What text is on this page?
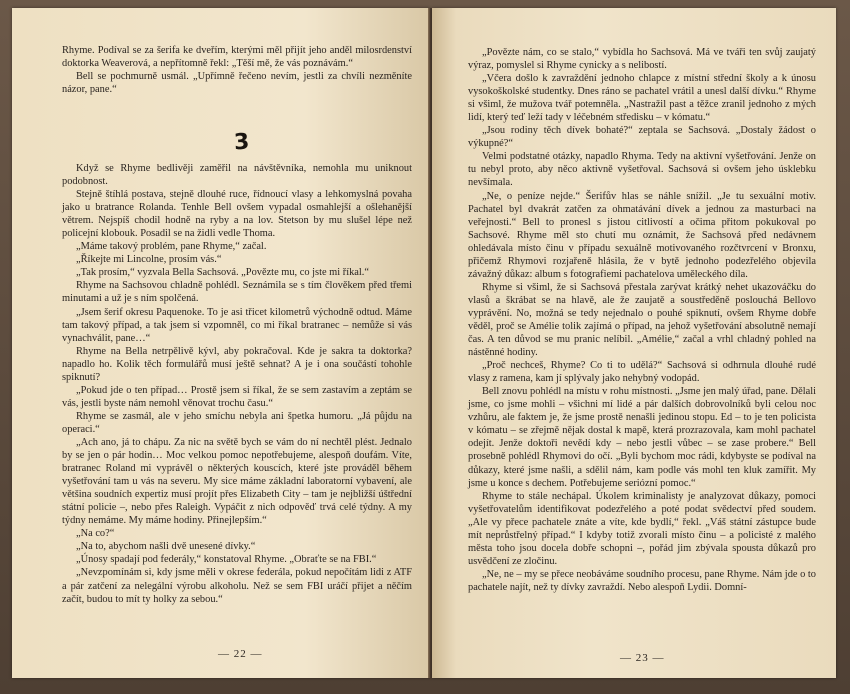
Rhyme. Podíval se za šerifa ke dveřím, kterými měl přijít jeho anděl milosrdenství doktorka Weaverová, a nepřítomně řekl: „Těší mě, že vás poznávám.“

Bell se pochmurně usmál. „Upřímně řečeno nevím, jestli za chvíli nezměníte názor, pane.“

3

Když se Rhyme bedlivěji zaměřil na návštěvníka, nemohla mu uniknout podobnost.

Stejně štíhlá postava, stejně dlouhé ruce, řídnoucí vlasy a lehkomyslná povaha jako u bratrance Rolanda. Tenhle Bell ovšem vypadal osmahlejší a ošlehanější větrem. Nejspíš chodil hodně na ryby a na lov. Stetson by mu slušel lépe než policejní klobouk. Posadil se na židli vedle Thoma.

„Máme takový problém, pane Rhyme,“ začal.

„Říkejte mi Lincolne, prosím vás.“

„Tak prosím,“ vyzvala Bella Sachsová. „Povězte mu, co jste mi říkal.“

Rhyme na Sachsovou chladně pohlédl. Seznámila se s tím člověkem před třemi minutami a už je s ním spolčená.

„Jsem šerif okresu Paquenoke. To je asi třicet kilometrů východně odtud. Máme tam takový případ, a tak jsem si vzpomněl, co mi říkal bratranec – nemůže si vás vynachválit, pane…“

Rhyme na Bella netrpělivě kývl, aby pokračoval. Kde je sakra ta doktorka? napadlo ho. Kolik těch formulářů musí ještě sehnat? A je i ona součástí tohohle spiknutí?

„Pokud jde o ten případ… Prostě jsem si říkal, že se sem zastavím a zeptám se vás, jestli byste nám nemohl věnovat trochu času.“

Rhyme se zasmál, ale v jeho smíchu nebyla ani špetka humoru. „Já půjdu na operaci.“

„Ach ano, já to chápu. Za nic na světě bych se vám do ní nechtěl plést. Jednalo by se jen o pár hodin… Moc velkou pomoc nepotřebujeme, alespoň doufám. Víte, bratranec Roland mi vyprávěl o některých kouscích, které jste prováděl během vyšetřování tam u vás na severu. My sice máme základní laboratorní vybavení, ale většina soudních expertiz musí projít přes Elizabeth City – tam je nejbližší úštřední státní policie –, nebo přes Raleigh. Vypáčit z nich odpověď trvá celé týdny. A my týdny nemáme. My máme hodiny. Přinejlepším.“

„Na co?“

„Na to, abychom našli dvě unesené dívky.“

„Únosy spadají pod federály,“ konstatoval Rhyme. „Obraťte se na FBI.“

„Nevzpomínám si, kdy jsme měli v okrese federála, pokud nepočítám lidi z ATF a pár zatčení za nelegální výrobu alkoholu. Než se sem FBI uráčí přijet a něčím začít, budou to mít ty holky za sebou.“

— 22 —

„Povězte nám, co se stalo,“ vybídla ho Sachsová. Má ve tváři ten svůj zaujatý výraz, pomyslel si Rhyme cynicky a s nelibostí.

„Včera došlo k zavraždění jednoho chlapce z místní střední školy a k únosu vysokoškolské studentky. Dnes ráno se pachatel vrátil a unesl další dívku.“ Rhyme si všiml, že mužova tvář potemněla. „Nastražil past a těžce zranil jednoho z mých lidí, který teď leží tady v léčebném středisku – v kómatu.“

„Jsou rodiny těch dívek bohaté?“ zeptala se Sachsová. „Dostaly žádost o výkupné?“

Velmi podstatné otázky, napadlo Rhyma. Tedy na aktivní vyšetřování. Jenže on tu nebyl proto, aby něco aktivně vyšetřoval. Sachsová si ovšem jeho úsklebku nevšímala.

„Ne, o peníze nejde.“ Šerifův hlas se náhle snížil. „Je tu sexuální motiv. Pachatel byl dvakrát zatčen za ohmatávání dívek a jednou za masturbaci na veřejnosti.“ Bell to pronesl s jistou citlivostí a očima přitom pokukoval po Sachsové. Rhyme měl sto chutí mu oznámit, že Sachsová před nedávnem ohledávala místo činu v případu sexuálně motivovaného rozčtvrcení v Bronxu, přičemž Rhymovi rozjařeně hlásila, že v bytě jednoho podezřelého objevila závažný důkaz: album s fotografiemi pachatelova uměleckého díla.

Rhyme si všiml, že si Sachsová přestala zarývat krátký nehet ukazováčku do vlasů a škrábat se na hlavě, ale že zaujatě a soustředěně poslouchá Bellovo vyprávění. No, možná se tedy nejednalo o pouhé spiknutí, ovšem Rhyme dobře věděl, proč se Amélie tolik zajímá o případ, na jehož vyšetřování absolutně nemají čas. A ten důvod se mu pranic nelíbil. „Amélie,“ začal a vrhl chladný pohled na nástěnné hodiny.

„Proč nechceš, Rhyme? Co ti to udělá?“ Sachsová si odhrnula dlouhé rudé vlasy z ramena, kam jí splývaly jako nehybný vodopád.

Bell znovu pohlédl na místu v rohu místnosti. „Jsme jen malý úřad, pane. Dělali jsme, co jsme mohli – všichni mí lidé a pár dalších dobrovolníků byli celou noc vzhůru, ale faktem je, že jsme prostě nenašli jedinou stopu. Ed – to je ten policista v kómatu – se zřejmě nějak dostal k mapě, která prozrazovala, kam mohl pachatel odejít. Jenže doktoři nevědí kdy – nebo jestli vůbec – se zase probere.“ Bell prosebně pohlédl Rhymovi do očí. „Byli bychom moc rádi, kdybyste se podíval na důkazy, které jsme našli, a sdělil nám, kam podle vás mohl ten kluk zamířit. My jsme u konce s dechem. Potřebujeme seriózní pomoc.“

Rhyme to stále nechápal. Úkolem kriminalisty je analyzovat důkazy, pomoci vyšetřovatelům identifikovat podezřelého a poté podat svědectví před soudem. „Ale vy přece pachatele znáte a víte, kde bydlí,“ řekl. „Váš státní zástupce bude mít neprůstřelný případ.“ I kdyby totiž zvorali místo činu – a policisté z malého města toho jsou docela dobře schopni –, pořád jim zbývala spousta důkazů pro usvědčení ze zločinu.

„Ne, ne – my se přece neobáváme soudního procesu, pane Rhyme. Nám jde o to pachatele najít, než ty dívky zavraždí. Nebo alespoň Lydii. Domní-

— 23 —
